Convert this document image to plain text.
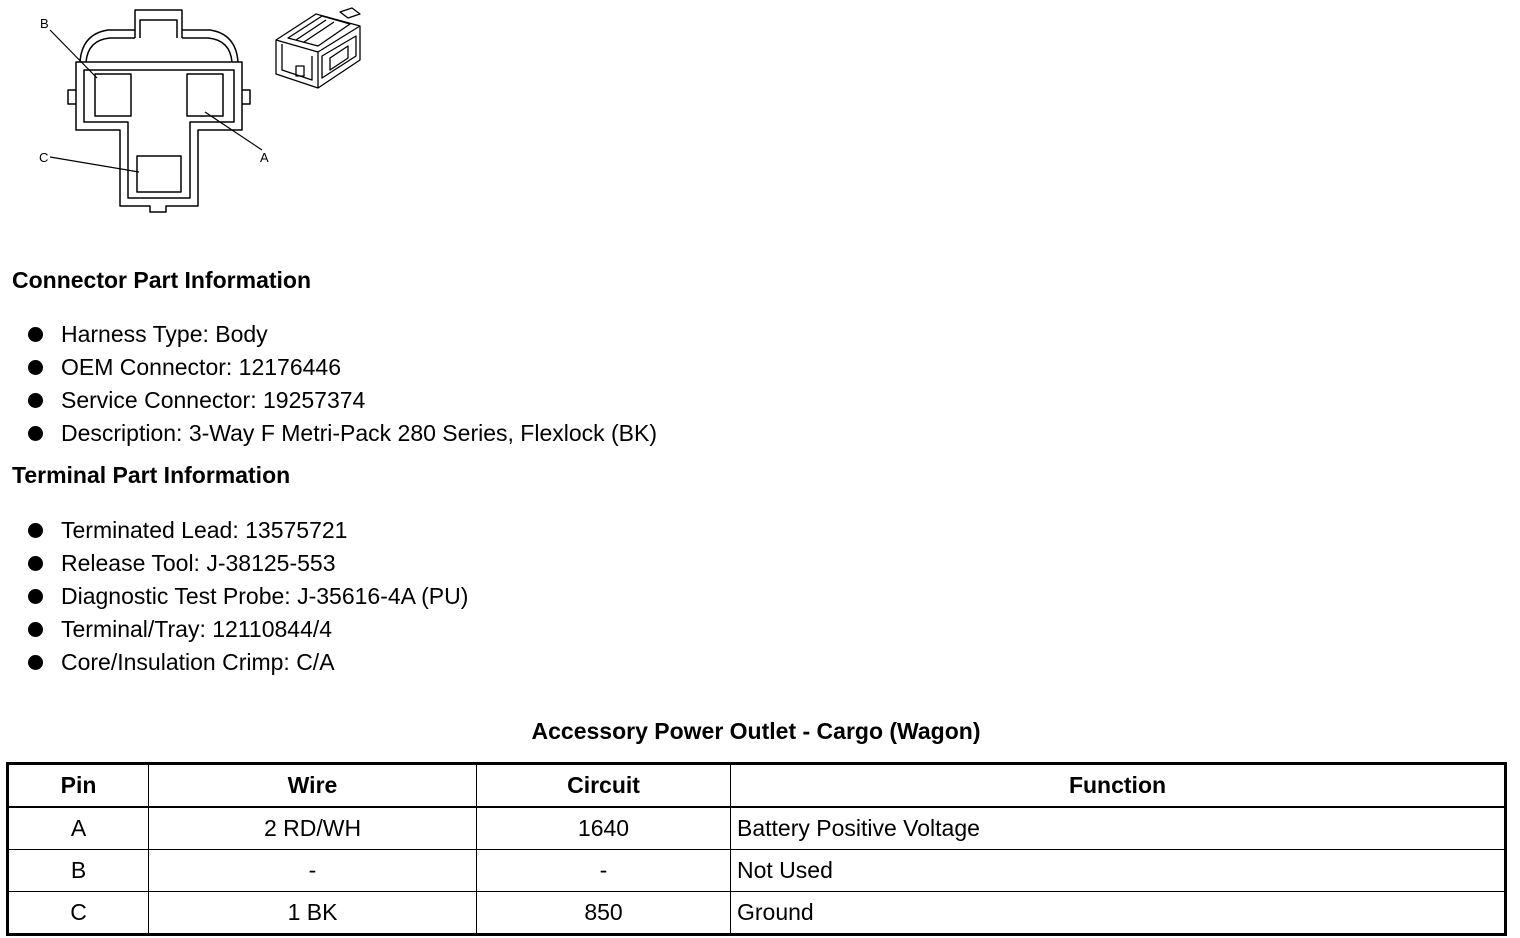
B
A
C
Connector Part Information
Harness Type: Body
OEM Connector: 12176446
Service Connector: 19257374
Description: 3-Way F Metri-Pack 280 Series, Flexlock (BK)
Terminal Part Information
Terminated Lead: 13575721
Release Tool: J-38125-553
Diagnostic Test Probe: J-35616-4A (PU)
Terminal/Tray: 12110844/4
Core/Insulation Crimp: C/A
Accessory Power Outlet - Cargo (Wagon)
Pin	Wire	Circuit	Function
A	2 RD/WH	1640	Battery Positive Voltage
B	-	-	Not Used
C	1 BK	850	Ground
